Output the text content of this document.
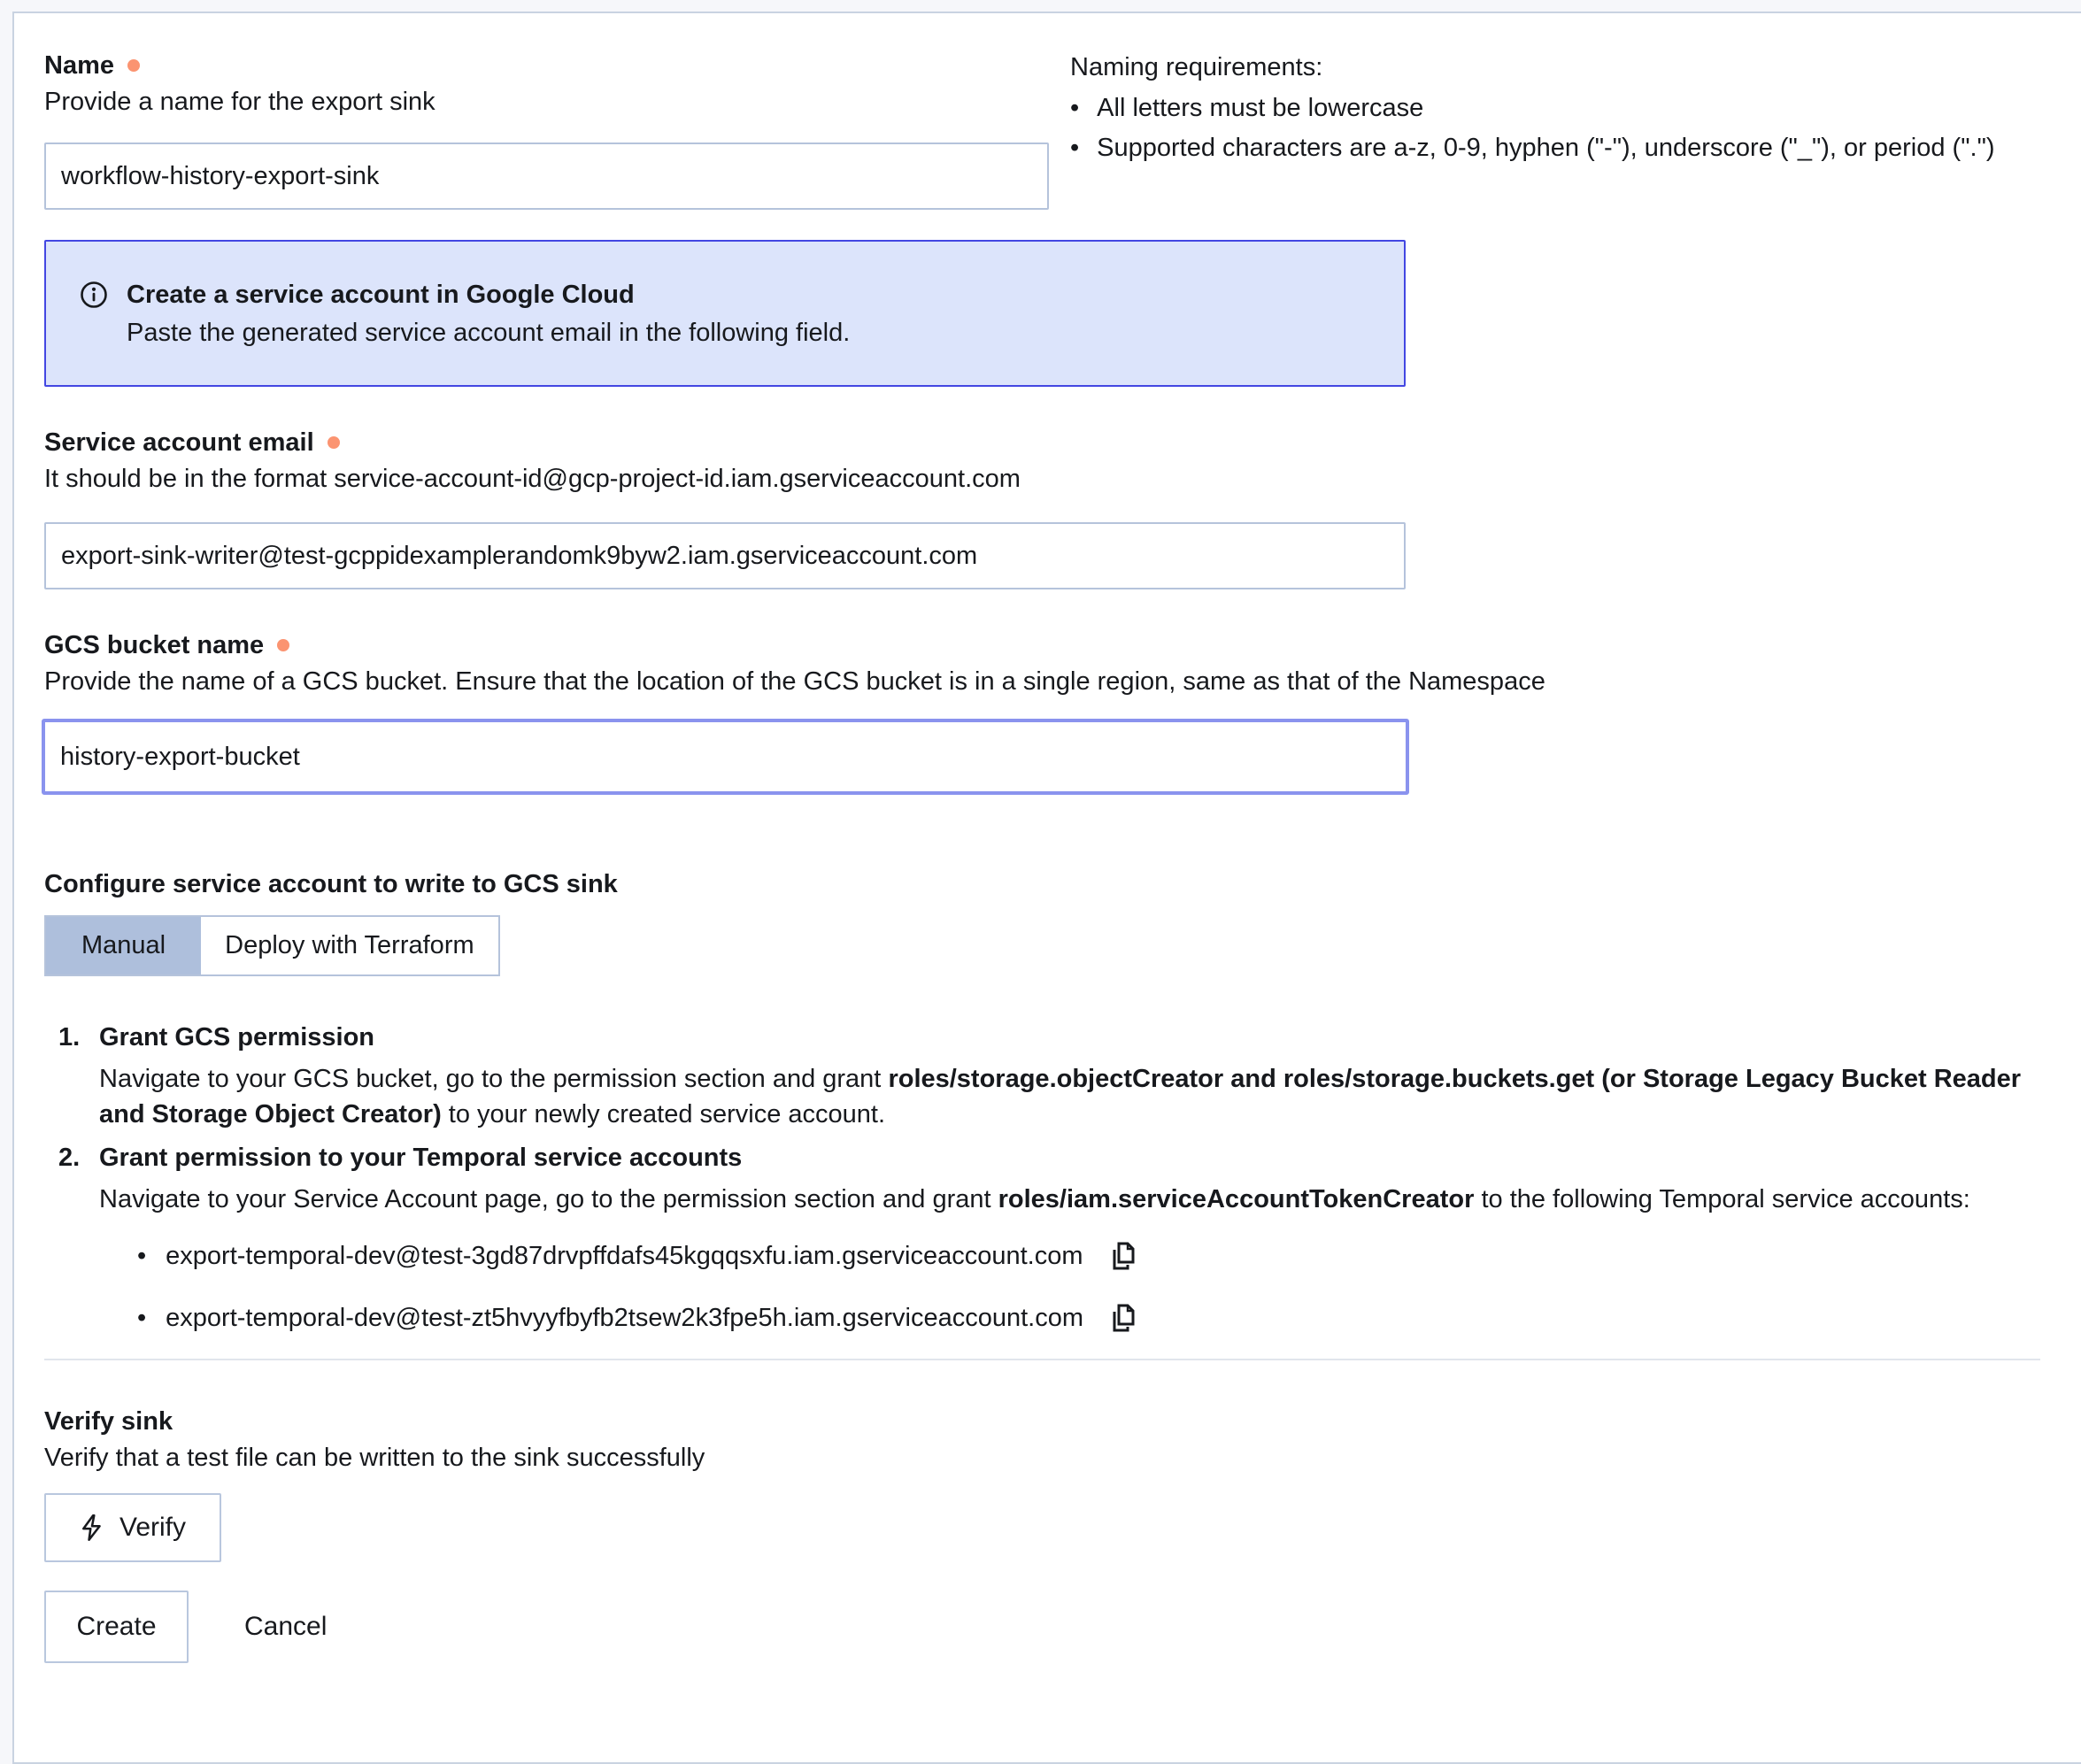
Name
Provide a name for the export sink
workflow-history-export-sink
Naming requirements:
• All letters must be lowercase
• Supported characters are a-z, 0-9, hyphen ("-"), underscore ("_"), or period (".")
Create a service account in Google Cloud
Paste the generated service account email in the following field.
Service account email
It should be in the format service-account-id@gcp-project-id.iam.gserviceaccount.com
export-sink-writer@test-gcppidexamplerandomk9byw2.iam.gserviceaccount.com
GCS bucket name
Provide the name of a GCS bucket. Ensure that the location of the GCS bucket is in a single region, same as that of the Namespace
history-export-bucket
Configure service account to write to GCS sink
Manual Deploy with Terraform
1. Grant GCS permission

Navigate to your GCS bucket, go to the permission section and grant roles/storage.objectCreator and roles/storage.buckets.get (or Storage Legacy Bucket Reader and Storage Object Creator) to your newly created service account.

2. Grant permission to your Temporal service accounts

Navigate to your Service Account page, go to the permission section and grant roles/iam.serviceAccountTokenCreator to the following Temporal service accounts:

• export-temporal-dev@test-3gd87drvpffdafs45kgqqsxfu.iam.gserviceaccount.com
• export-temporal-dev@test-zt5hvyyfbyfb2tsew2k3fpe5h.iam.gserviceaccount.com
Verify sink
Verify that a test file can be written to the sink successfully
Verify
Create	Cancel
